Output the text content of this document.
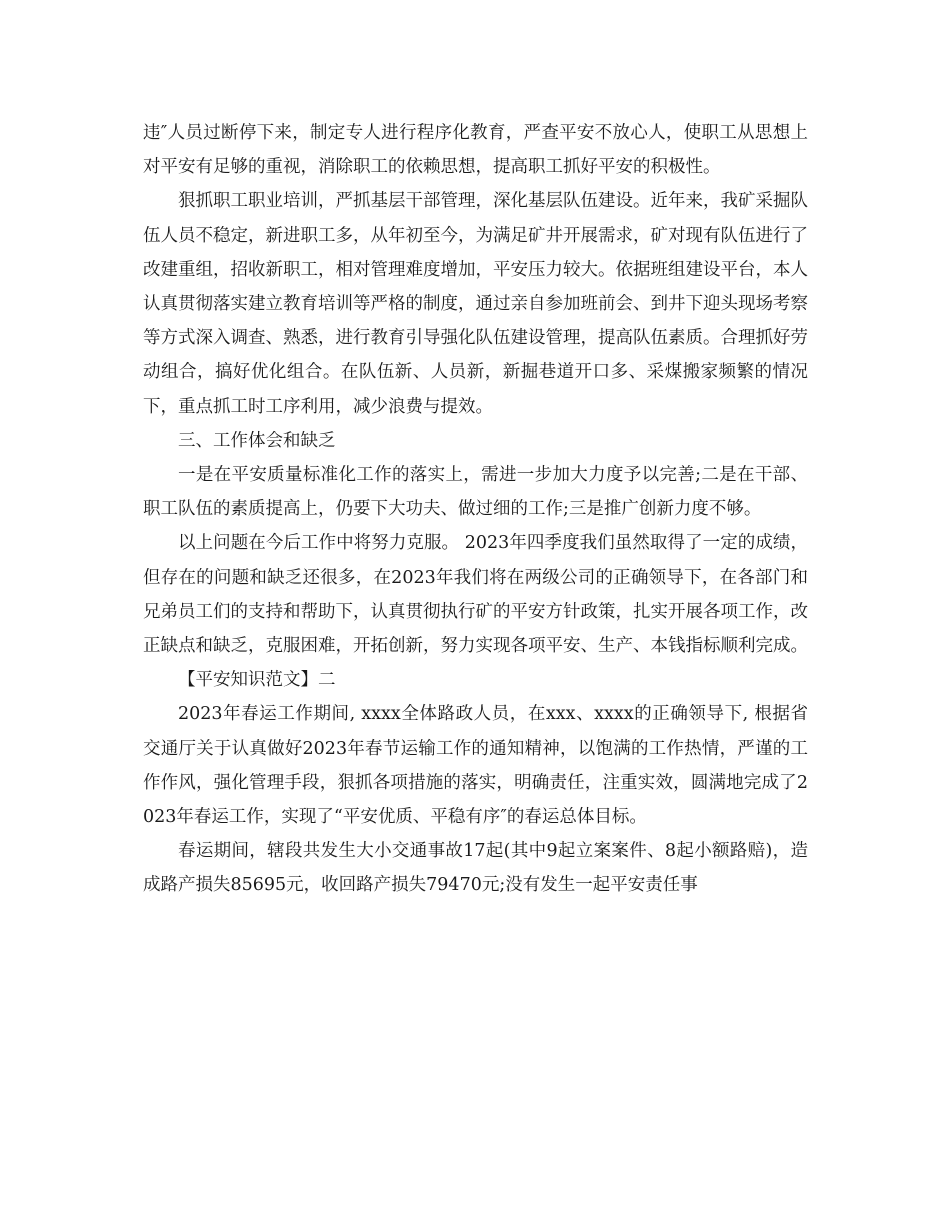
违″人员过断停下来，制定专人进行程序化教育，严查平安不放心人，使职工从思想上对平安有足够的重视，消除职工的依赖思想，提高职工抓好平安的积极性。

狠抓职工职业培训，严抓基层干部管理，深化基层队伍建设。近年来，我矿采掘队伍人员不稳定，新进职工多，从年初至今，为满足矿井开展需求，矿对现有队伍进行了改建重组，招收新职工，相对管理难度增加，平安压力较大。依据班组建设平台，本人认真贯彻落实建立教育培训等严格的制度，通过亲自参加班前会、到井下迎头现场考察等方式深入调查、熟悉，进行教育引导强化队伍建设管理，提高队伍素质。合理抓好劳动组合，搞好优化组合。在队伍新、人员新，新掘巷道开口多、采煤搬家频繁的情况下，重点抓工时工序利用，减少浪费与提效。

三、工作体会和缺乏

一是在平安质量标准化工作的落实上，需进一步加大力度予以完善;二是在干部、职工队伍的素质提高上，仍要下大功夫、做过细的工作;三是推广创新力度不够。

以上问题在今后工作中将努力克服。 2023年四季度我们虽然取得了一定的成绩，但存在的问题和缺乏还很多，在2023年我们将在两级公司的正确领导下，在各部门和兄弟员工们的支持和帮助下，认真贯彻执行矿的平安方针政策，扎实开展各项工作，改正缺点和缺乏，克服困难，开拓创新，努力实现各项平安、生产、本钱指标顺利完成。

【平安知识范文】二

2023年春运工作期间, xxxx全体路政人员，在xxx、xxxx的正确领导下, 根据省交通厅关于认真做好2023年春节运输工作的通知精神，以饱满的工作热情，严谨的工作作风，强化管理手段，狠抓各项措施的落实，明确责任，注重实效，圆满地完成了2023年春运工作，实现了“平安优质、平稳有序″的春运总体目标。

春运期间，辖段共发生大小交通事故17起(其中9起立案案件、8起小额路赔)，造成路产损失85695元，收回路产损失79470元;没有发生一起平安责任事
